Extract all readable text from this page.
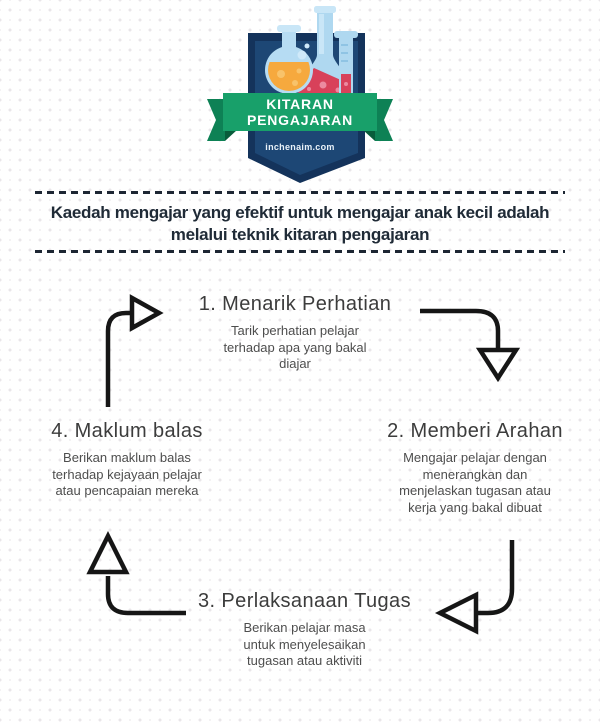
KITARAN
PENGAJARAN
inchenaim.com
Kaedah mengajar yang efektif untuk mengajar anak kecil adalah
melalui teknik kitaran pengajaran
1. Menarik Perhatian
Tarik perhatian pelajar terhadap apa yang bakal diajar
2. Memberi Arahan
Mengajar pelajar dengan menerangkan dan menjelaskan tugasan atau kerja yang bakal dibuat
4. Maklum balas
Berikan maklum balas terhadap kejayaan pelajar atau pencapaian mereka
3. Perlaksanaan Tugas
Berikan pelajar masa untuk menyelesaikan tugasan atau aktiviti
